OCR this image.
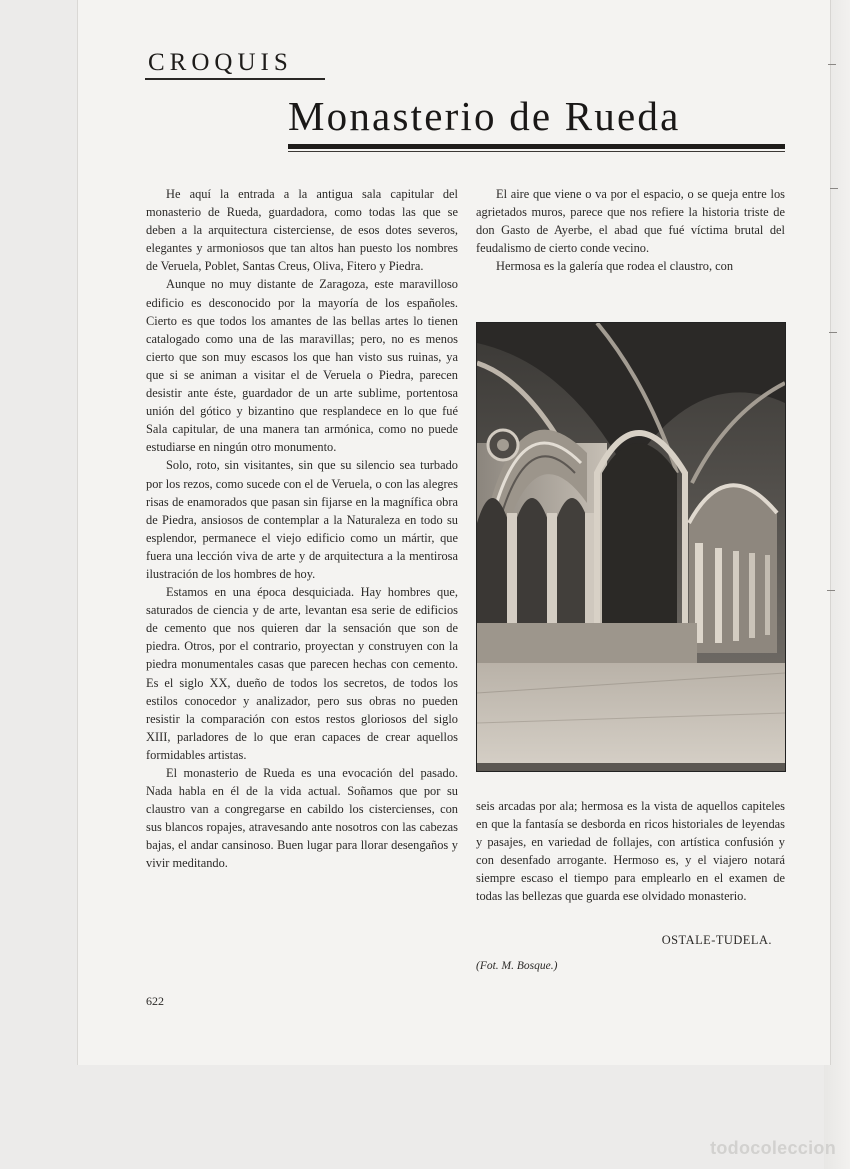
CROQUIS
Monasterio de Rueda

He aquí la entrada a la antigua sala capitular del monasterio de Rueda, guardadora, como todas las que se deben a la arquitectura cisterciense, de esos dotes severos, elegantes y armoniosos que tan altos han puesto los nombres de Veruela, Poblet, Santas Creus, Oliva, Fitero y Piedra.

Aunque no muy distante de Zaragoza, este maravilloso edificio es desconocido por la mayoría de los españoles. Cierto es que todos los amantes de las bellas artes lo tienen catalogado como una de las maravillas; pero, no es menos cierto que son muy escasos los que han visto sus ruinas, ya que si se animan a visitar el de Veruela o Piedra, parecen desistir ante éste, guardador de un arte sublime, portentosa unión del gótico y bizantino que resplandece en lo que fué Sala capitular, de una manera tan armónica, como no puede estudiarse en ningún otro monumento.

Solo, roto, sin visitantes, sin que su silencio sea turbado por los rezos, como sucede con el de Veruela, o con las alegres risas de enamorados que pasan sin fijarse en la magnífica obra de Piedra, ansiosos de contemplar a la Naturaleza en todo su esplendor, permanece el viejo edificio como un mártir, que fuera una lección viva de arte y de arquitectura a la mentirosa ilustración de los hombres de hoy.

Estamos en una época desquiciada. Hay hombres que, saturados de ciencia y de arte, levantan esa serie de edificios de cemento que nos quieren dar la sensación que son de piedra. Otros, por el contrario, proyectan y construyen con la piedra monumentales casas que parecen hechas con cemento. Es el siglo XX, dueño de todos los secretos, de todos los estilos conocedor y analizador, pero sus obras no pueden resistir la comparación con estos restos gloriosos del siglo XIII, parladores de lo que eran capaces de crear aquellos formidables artistas.

El monasterio de Rueda es una evocación del pasado. Nada habla en él de la vida actual. Soñamos que por su claustro van a congregarse en cabildo los cistercienses, con sus blancos ropajes, atravesando ante nosotros con las cabezas bajas, el andar cansinoso. Buen lugar para llorar desengaños y vivir meditando.

El aire que viene o va por el espacio, o se queja entre los agrietados muros, parece que nos refiere la historia triste de don Gasto de Ayerbe, el abad que fué víctima brutal del feudalismo de cierto conde vecino.

Hermosa es la galería que rodea el claustro, con

seis arcadas por ala; hermosa es la vista de aquellos capiteles en que la fantasía se desborda en ricos historiales de leyendas y pasajes, en variedad de follajes, con artística confusión y con desenfado arrogante. Hermoso es, y el viajero notará siempre escaso el tiempo para emplearlo en el examen de todas las bellezas que guarda ese olvidado monasterio.

OSTALE-TUDELA.
(Fot. M. Bosque.)
622
todocoleccion
